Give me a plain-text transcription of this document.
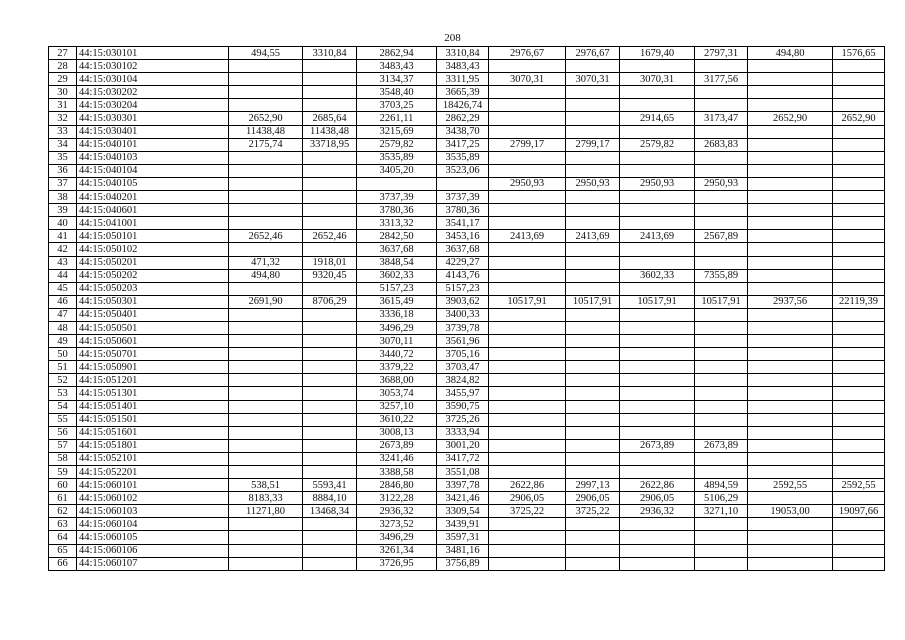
208
27	44:15:030101	494,55	3310,84	2862,94	3310,84	2976,67	2976,67	1679,40	2797,31	494,80	1576,65
28	44:15:030102			3483,43	3483,43						
29	44:15:030104			3134,37	3311,95	3070,31	3070,31	3070,31	3177,56		
30	44:15:030202			3548,40	3665,39						
31	44:15:030204			3703,25	18426,74						
32	44:15:030301	2652,90	2685,64	2261,11	2862,29			2914,65	3173,47	2652,90	2652,90
33	44:15:030401	11438,48	11438,48	3215,69	3438,70						
34	44:15:040101	2175,74	33718,95	2579,82	3417,25	2799,17	2799,17	2579,82	2683,83		
35	44:15:040103			3535,89	3535,89						
36	44:15:040104			3405,20	3523,06						
37	44:15:040105					2950,93	2950,93	2950,93	2950,93		
38	44:15:040201			3737,39	3737,39						
39	44:15:040601			3780,36	3780,36						
40	44:15:041001			3313,32	3541,17						
41	44:15:050101	2652,46	2652,46	2842,50	3453,16	2413,69	2413,69	2413,69	2567,89		
42	44:15:050102			3637,68	3637,68						
43	44:15:050201	471,32	1918,01	3848,54	4229,27						
44	44:15:050202	494,80	9320,45	3602,33	4143,76			3602,33	7355,89		
45	44:15:050203			5157,23	5157,23						
46	44:15:050301	2691,90	8706,29	3615,49	3903,62	10517,91	10517,91	10517,91	10517,91	2937,56	22119,39
47	44:15:050401			3336,18	3400,33						
48	44:15:050501			3496,29	3739,78						
49	44:15:050601			3070,11	3561,96						
50	44:15:050701			3440,72	3705,16						
51	44:15:050901			3379,22	3703,47						
52	44:15:051201			3688,00	3824,82						
53	44:15:051301			3053,74	3455,97						
54	44:15:051401			3257,10	3590,75						
55	44:15:051501			3610,22	3725,26						
56	44:15:051601			3008,13	3333,94						
57	44:15:051801			2673,89	3001,20			2673,89	2673,89		
58	44:15:052101			3241,46	3417,72						
59	44:15:052201			3388,58	3551,08						
60	44:15:060101	538,51	5593,41	2846,80	3397,78	2622,86	2997,13	2622,86	4894,59	2592,55	2592,55
61	44:15:060102	8183,33	8884,10	3122,28	3421,46	2906,05	2906,05	2906,05	5106,29		
62	44:15:060103	11271,80	13468,34	2936,32	3309,54	3725,22	3725,22	2936,32	3271,10	19053,00	19097,66
63	44:15:060104			3273,52	3439,91						
64	44:15:060105			3496,29	3597,31						
65	44:15:060106			3261,34	3481,16						
66	44:15:060107			3726,95	3756,89						
